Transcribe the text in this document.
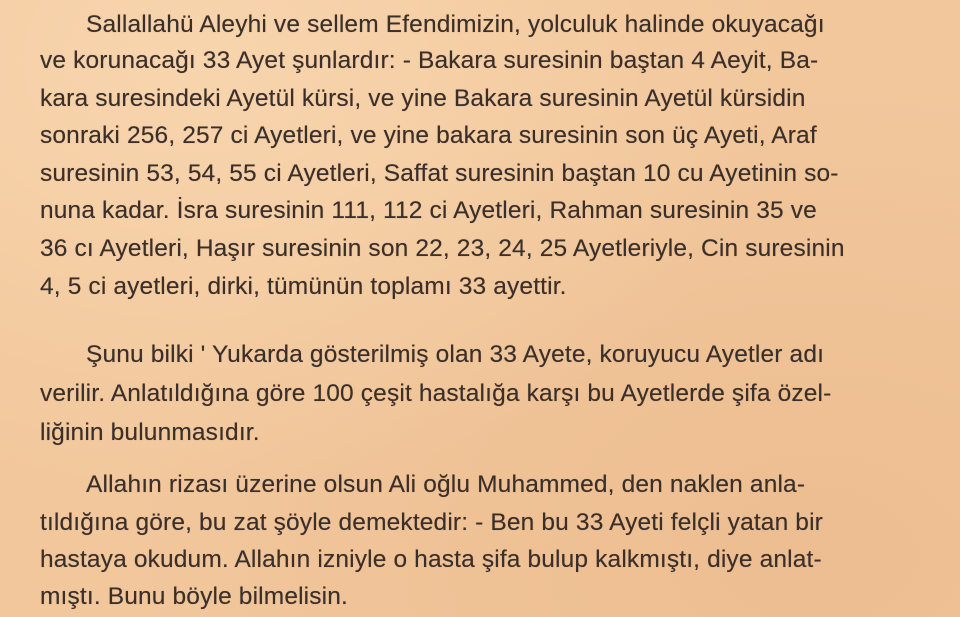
Sallallahü Aleyhi ve sellem Efendimizin, yolculuk halinde okuyacağı

ve korunacağı 33 Ayet şunlardır: - Bakara suresinin baştan 4 Aeyit, Ba-

kara suresindeki Ayetül kürsi, ve yine Bakara suresinin Ayetül kürsidin

sonraki 256, 257 ci Ayetleri, ve yine bakara suresinin son üç Ayeti, Araf

suresinin 53, 54, 55 ci Ayetleri, Saffat suresinin baştan 10 cu Ayetinin so-

nuna kadar. İsra suresinin 111, 112 ci Ayetleri, Rahman suresinin 35 ve

36 cı Ayetleri, Haşır suresinin son 22, 23, 24, 25 Ayetleriyle, Cin suresinin

4, 5 ci ayetleri, dirki, tümünün toplamı 33 ayettir.

Şunu bilki ' Yukarda gösterilmiş olan 33 Ayete, koruyucu Ayetler adı

verilir. Anlatıldığına göre 100 çeşit hastalığa karşı bu Ayetlerde şifa özel-

liğinin bulunmasıdır.

Allahın rizası üzerine olsun Ali oğlu Muhammed, den naklen anla-

tıldığına göre, bu zat şöyle demektedir: - Ben bu 33 Ayeti felçli yatan bir

hastaya okudum. Allahın izniyle o hasta şifa bulup kalkmıştı, diye anlat-

mıştı. Bunu böyle bilmelisin.
